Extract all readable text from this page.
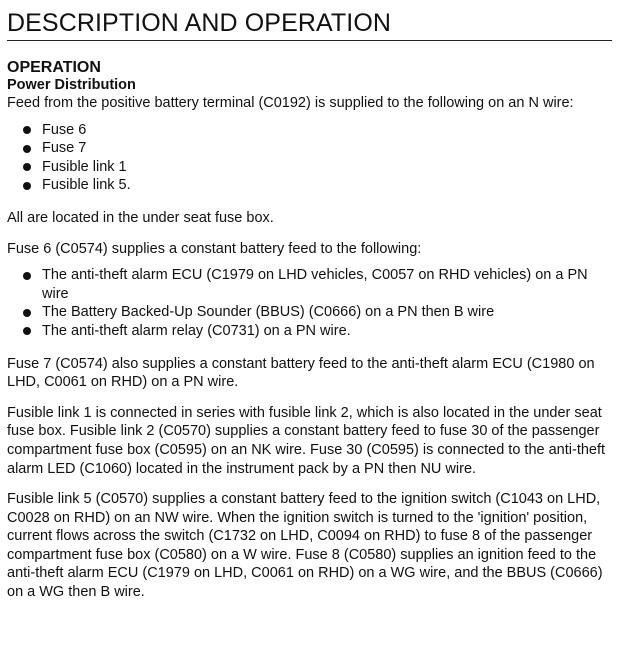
DESCRIPTION AND OPERATION
OPERATION
Power Distribution

Feed from the positive battery terminal (C0192) is supplied to the following on an N wire:

Fuse 6
Fuse 7
Fusible link 1
Fusible link 5.

All are located in the under seat fuse box.

Fuse 6 (C0574) supplies a constant battery feed to the following:

The anti-theft alarm ECU (C1979 on LHD vehicles, C0057 on RHD vehicles) on a PN wire
The Battery Backed-Up Sounder (BBUS) (C0666) on a PN then B wire
The anti-theft alarm relay (C0731) on a PN wire.

Fuse 7 (C0574) also supplies a constant battery feed to the anti-theft alarm ECU (C1980 on LHD, C0061 on RHD) on a PN wire.

Fusible link 1 is connected in series with fusible link 2, which is also located in the under seat fuse box. Fusible link 2 (C0570) supplies a constant battery feed to fuse 30 of the passenger compartment fuse box (C0595) on an NK wire. Fuse 30 (C0595) is connected to the anti-theft alarm LED (C1060) located in the instrument pack by a PN then NU wire.

Fusible link 5 (C0570) supplies a constant battery feed to the ignition switch (C1043 on LHD, C0028 on RHD) on an NW wire. When the ignition switch is turned to the 'ignition' position, current flows across the switch (C1732 on LHD, C0094 on RHD) to fuse 8 of the passenger compartment fuse box (C0580) on a W wire. Fuse 8 (C0580) supplies an ignition feed to the anti-theft alarm ECU (C1979 on LHD, C0061 on RHD) on a WG wire, and the BBUS (C0666) on a WG then B wire.
